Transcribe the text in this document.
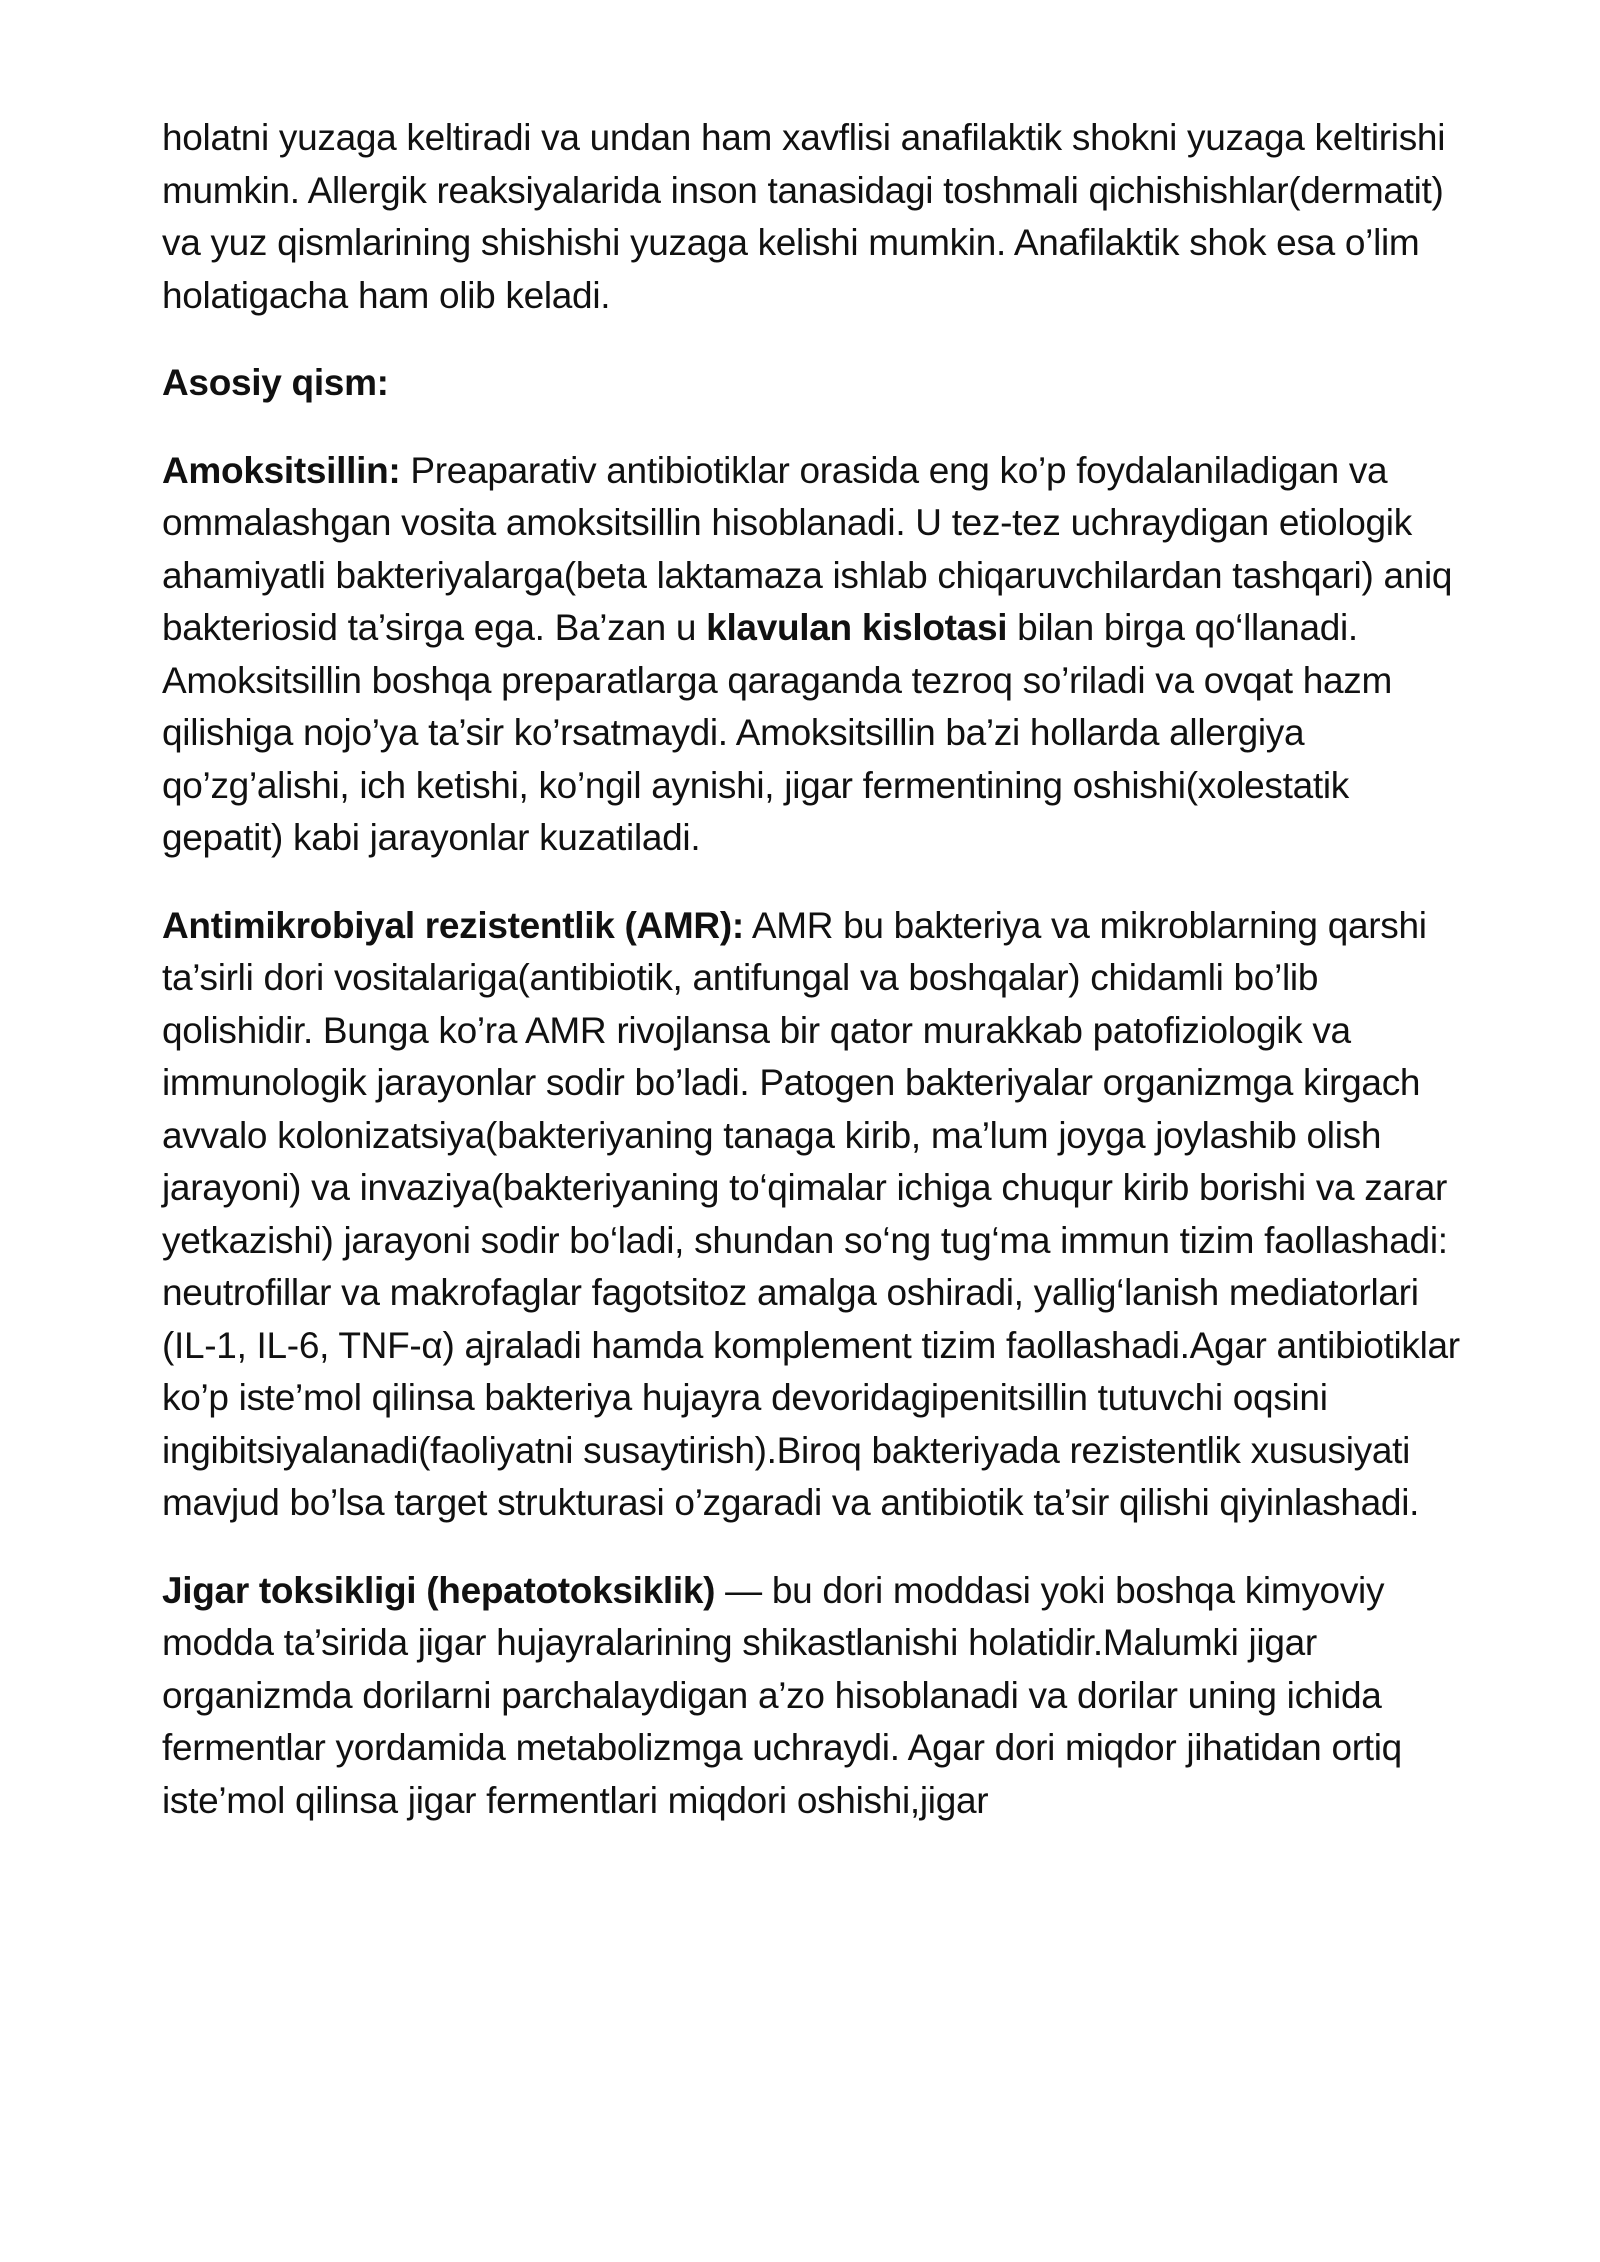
holatni yuzaga keltiradi va undan ham xavflisi anafilaktik shokni yuzaga keltirishi mumkin. Allergik reaksiyalarida inson tanasidagi toshmali qichishishlar(dermatit) va yuz qismlarining shishishi yuzaga kelishi mumkin. Anafilaktik shok esa o’lim holatigacha ham olib keladi.

Asosiy qism:

Amoksitsillin: Preaparativ antibiotiklar orasida eng ko’p foydalaniladigan va ommalashgan vosita amoksitsillin hisoblanadi. U tez-tez uchraydigan etiologik ahamiyatli bakteriyalarga(beta laktamaza ishlab chiqaruvchilardan tashqari) aniq bakteriosid ta’sirga ega. Ba’zan u klavulan kislotasi bilan birga qo‘llanadi. Amoksitsillin boshqa preparatlarga qaraganda tezroq so’riladi va ovqat hazm qilishiga nojo’ya ta’sir ko’rsatmaydi. Amoksitsillin ba’zi hollarda allergiya qo’zg’alishi, ich ketishi, ko’ngil aynishi, jigar fermentining oshishi(xolestatik gepatit) kabi jarayonlar kuzatiladi.

Antimikrobiyal rezistentlik (AMR): AMR bu bakteriya va mikroblarning qarshi ta’sirli dori vositalariga(antibiotik, antifungal va boshqalar) chidamli bo’lib qolishidir. Bunga ko’ra AMR rivojlansa bir qator murakkab patofiziologik va immunologik jarayonlar sodir bo’ladi. Patogen bakteriyalar organizmga kirgach avvalo kolonizatsiya(bakteriyaning tanaga kirib, ma’lum joyga joylashib olish jarayoni) va invaziya(bakteriyaning to‘qimalar ichiga chuqur kirib borishi va zarar yetkazishi) jarayoni sodir bo‘ladi, shundan so‘ng tug‘ma immun tizim faollashadi: neutrofillar va makrofaglar fagotsitoz amalga oshiradi, yallig‘lanish mediatorlari (IL-1, IL-6, TNF-α) ajraladi hamda komplement tizim faollashadi.Agar antibiotiklar ko’p iste’mol qilinsa bakteriya hujayra devoridagipenitsillin tutuvchi oqsini ingibitsiyalanadi(faoliyatni susaytirish).Biroq bakteriyada rezistentlik xususiyati mavjud bo’lsa target strukturasi o’zgaradi va antibiotik ta’sir qilishi qiyinlashadi.

Jigar toksikligi (hepatotoksiklik) — bu dori moddasi yoki boshqa kimyoviy modda ta’sirida jigar hujayralarining shikastlanishi holatidir.Malumki jigar organizmda dorilarni parchalaydigan a’zo hisoblanadi va dorilar uning ichida fermentlar yordamida metabolizmga uchraydi. Agar dori miqdor jihatidan ortiq iste’mol qilinsa jigar fermentlari miqdori oshishi,jigar
